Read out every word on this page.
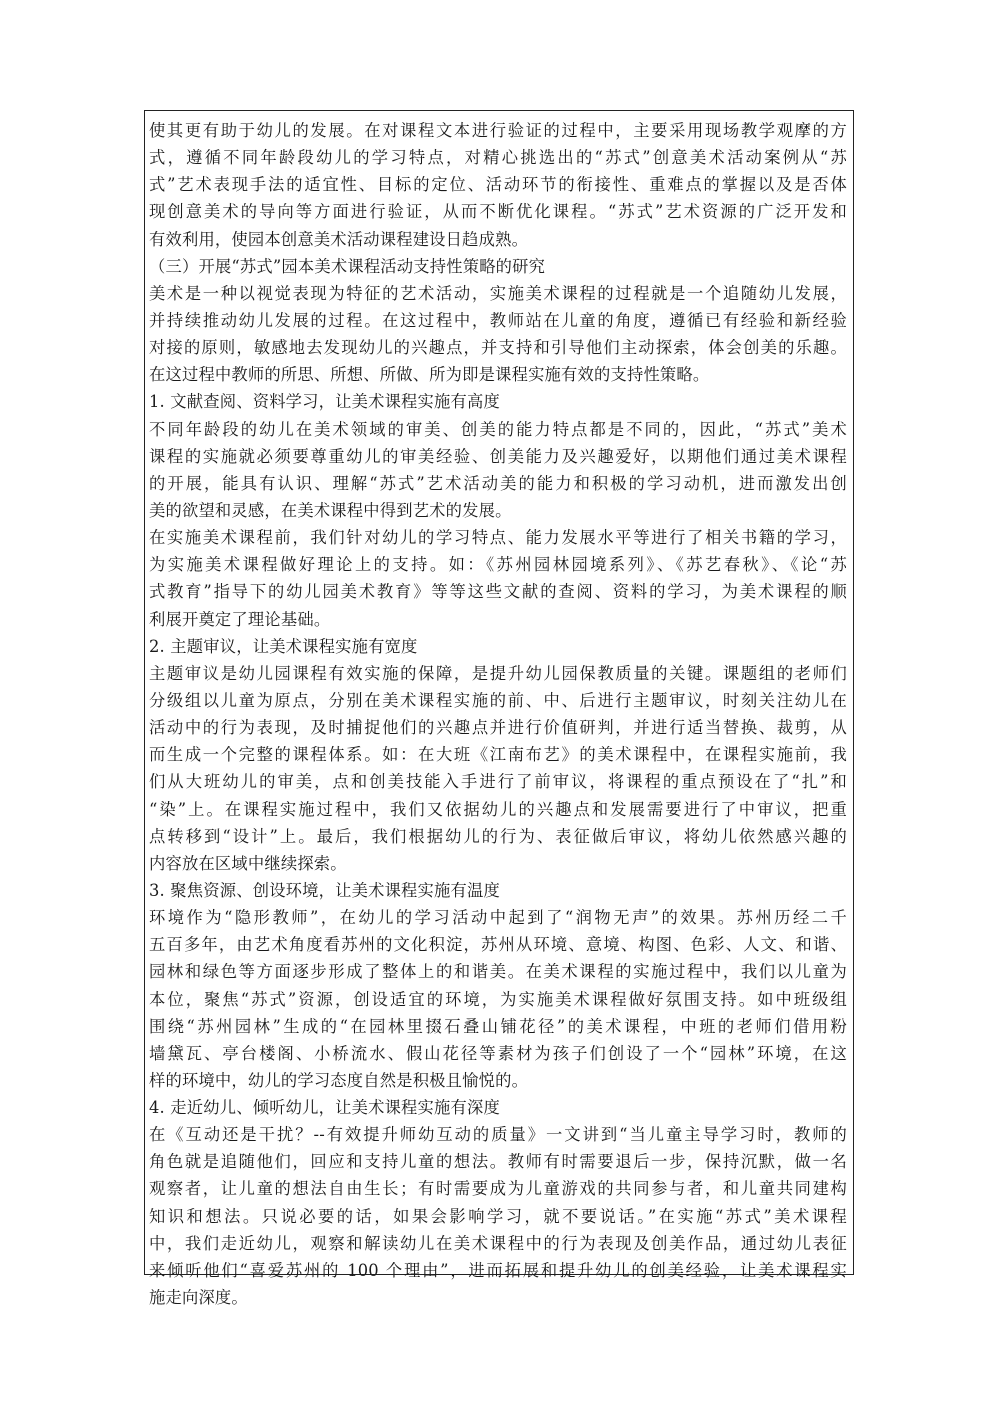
使其更有助于幼儿的发展。在对课程文本进行验证的过程中，主要采用现场教学观摩的方
式，遵循不同年龄段幼儿的学习特点，对精心挑选出的“苏式”创意美术活动案例从“苏
式”艺术表现手法的适宜性、目标的定位、活动环节的衔接性、重难点的掌握以及是否体
现创意美术的导向等方面进行验证，从而不断优化课程。“苏式”艺术资源的广泛开发和
有效利用，使园本创意美术活动课程建设日趋成熟。
（三）开展“苏式”园本美术课程活动支持性策略的研究
美术是一种以视觉表现为特征的艺术活动，实施美术课程的过程就是一个追随幼儿发展，
并持续推动幼儿发展的过程。在这过程中，教师站在儿童的角度，遵循已有经验和新经验
对接的原则，敏感地去发现幼儿的兴趣点，并支持和引导他们主动探索，体会创美的乐趣。
在这过程中教师的所思、所想、所做、所为即是课程实施有效的支持性策略。
1. 文献查阅、资料学习，让美术课程实施有高度
不同年龄段的幼儿在美术领域的审美、创美的能力特点都是不同的，因此，“苏式”美术
课程的实施就必须要尊重幼儿的审美经验、创美能力及兴趣爱好，以期他们通过美术课程
的开展，能具有认识、理解“苏式”艺术活动美的能力和积极的学习动机，进而激发出创
美的欲望和灵感，在美术课程中得到艺术的发展。
在实施美术课程前，我们针对幼儿的学习特点、能力发展水平等进行了相关书籍的学习，
为实施美术课程做好理论上的支持。如：《苏州园林园境系列》、《苏艺春秋》、《论“苏
式教育”指导下的幼儿园美术教育》等等这些文献的查阅、资料的学习，为美术课程的顺
利展开奠定了理论基础。
2. 主题审议，让美术课程实施有宽度
主题审议是幼儿园课程有效实施的保障，是提升幼儿园保教质量的关键。课题组的老师们
分级组以儿童为原点，分别在美术课程实施的前、中、后进行主题审议，时刻关注幼儿在
活动中的行为表现，及时捕捉他们的兴趣点并进行价值研判，并进行适当替换、裁剪，从
而生成一个完整的课程体系。如：在大班《江南布艺》的美术课程中，在课程实施前，我
们从大班幼儿的审美，点和创美技能入手进行了前审议，将课程的重点预设在了“扎”和
“染”上。在课程实施过程中，我们又依据幼儿的兴趣点和发展需要进行了中审议，把重
点转移到“设计”上。最后，我们根据幼儿的行为、表征做后审议，将幼儿依然感兴趣的
内容放在区域中继续探索。
3. 聚焦资源、创设环境，让美术课程实施有温度
环境作为“隐形教师”，在幼儿的学习活动中起到了“润物无声”的效果。苏州历经二千
五百多年，由艺术角度看苏州的文化积淀，苏州从环境、意境、构图、色彩、人文、和谐、
园林和绿色等方面逐步形成了整体上的和谐美。在美术课程的实施过程中，我们以儿童为
本位，聚焦“苏式”资源，创设适宜的环境，为实施美术课程做好氛围支持。如中班级组
围绕“苏州园林”生成的“在园林里掇石叠山铺花径”的美术课程，中班的老师们借用粉
墙黛瓦、亭台楼阁、小桥流水、假山花径等素材为孩子们创设了一个“园林”环境，在这
样的环境中，幼儿的学习态度自然是积极且愉悦的。
4. 走近幼儿、倾听幼儿，让美术课程实施有深度
在《互动还是干扰？--有效提升师幼互动的质量》一文讲到“当儿童主导学习时，教师的
角色就是追随他们，回应和支持儿童的想法。教师有时需要退后一步，保持沉默，做一名
观察者，让儿童的想法自由生长；有时需要成为儿童游戏的共同参与者，和儿童共同建构
知识和想法。只说必要的话，如果会影响学习，就不要说话。”在实施“苏式”美术课程
中，我们走近幼儿，观察和解读幼儿在美术课程中的行为表现及创美作品，通过幼儿表征
来倾听他们“喜爱苏州的 100 个理由”，进而拓展和提升幼儿的创美经验，让美术课程实
施走向深度。
